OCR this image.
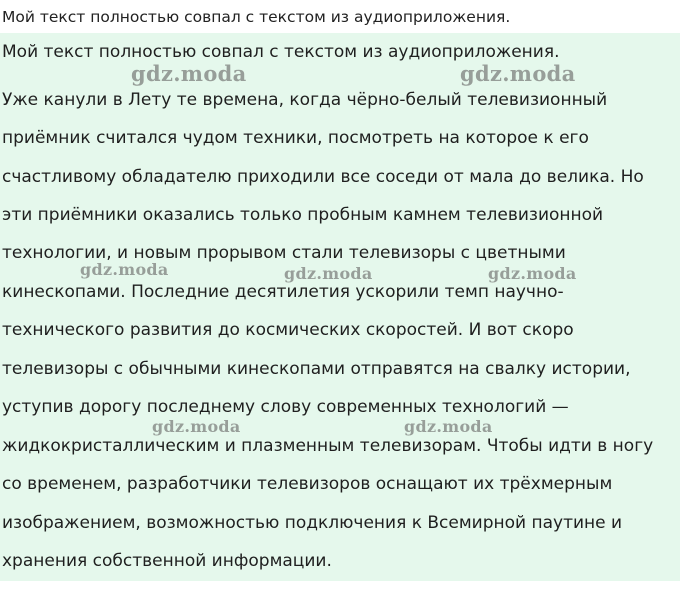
Мой текст полностью совпал с текстом из аудиоприложения.
Мой текст полностью совпал с текстом из аудиоприложения.
Уже канули в Лету те времена, когда чёрно-белый телевизионный
приёмник считался чудом техники, посмотреть на которое к его
счастливому обладателю приходили все соседи от мала до велика. Но
эти приёмники оказались только пробным камнем телевизионной
технологии, и новым прорывом стали телевизоры с цветными
кинескопами. Последние десятилетия ускорили темп научно-
технического развития до космических скоростей. И вот скоро
телевизоры с обычными кинескопами отправятся на свалку истории,
уступив дорогу последнему слову современных технологий —
жидкокристаллическим и плазменным телевизорам. Чтобы идти в ногу
со временем, разработчики телевизоров оснащают их трёхмерным
изображением, возможностью подключения к Всемирной паутине и
хранения собственной информации.
gdz.moda	gdz.moda
gdz.moda	gdz.moda	gdz.moda
gdz.moda	gdz.moda
